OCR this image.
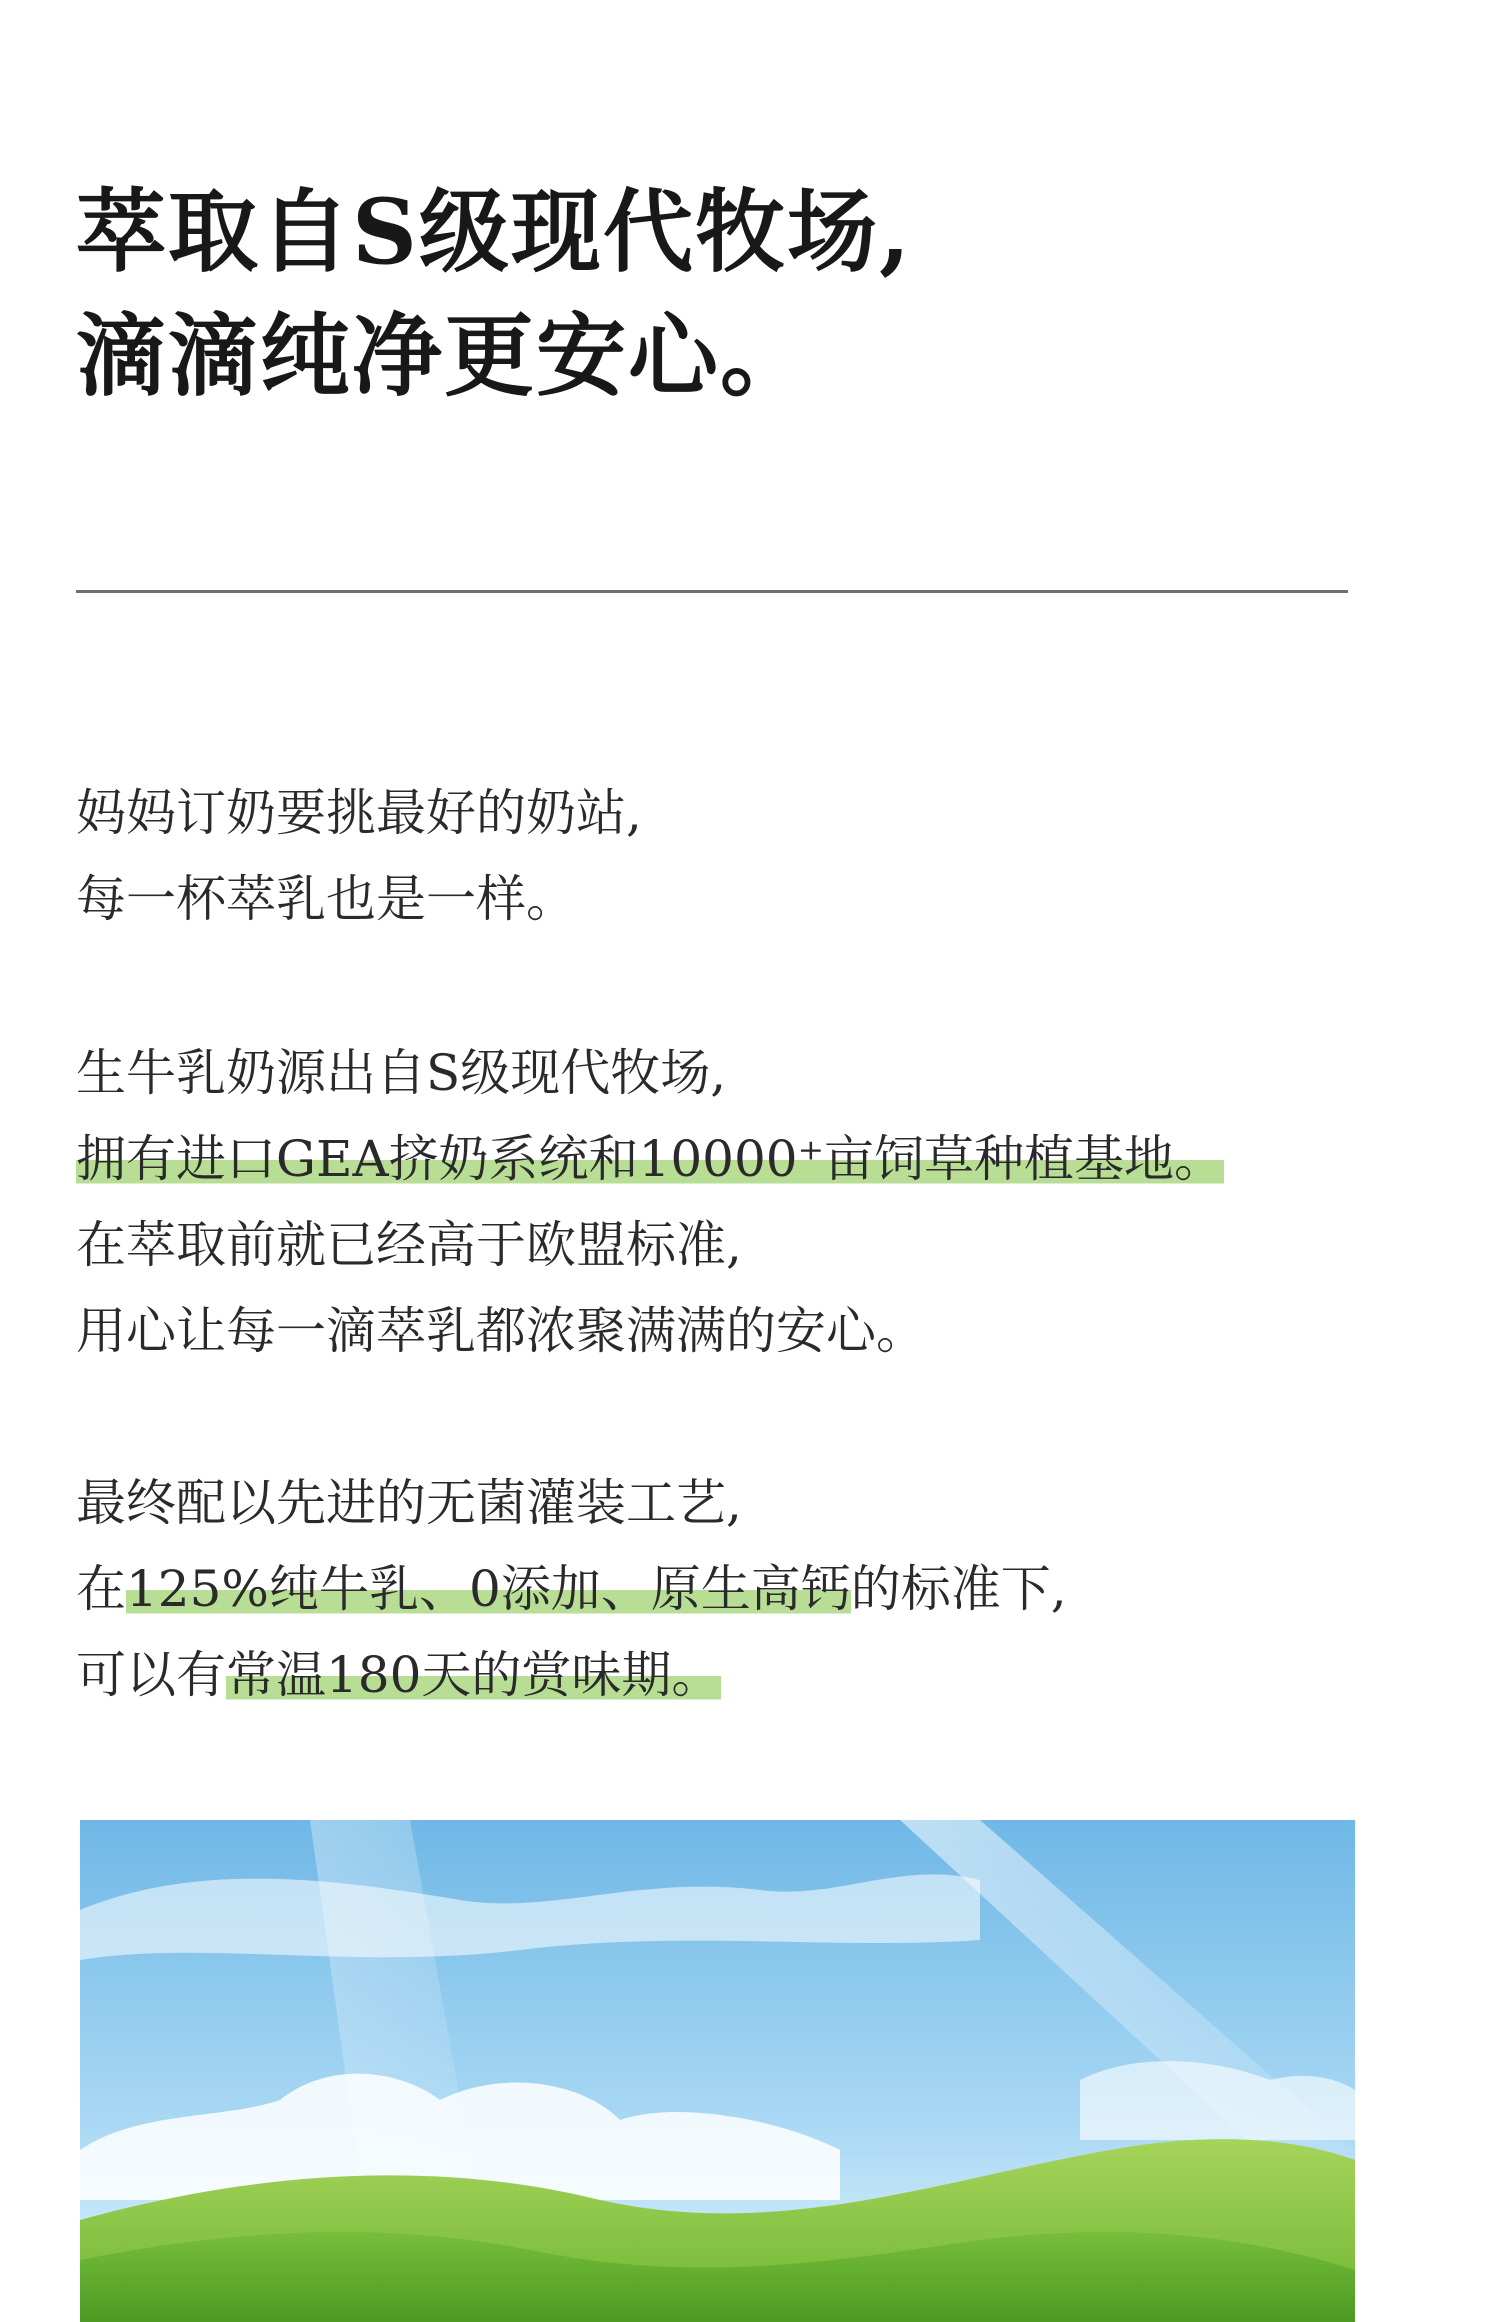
萃取自S级现代牧场,
滴滴纯净更安心。

妈妈订奶要挑最好的奶站,
每一杯萃乳也是一样。

生牛乳奶源出自S级现代牧场,
拥有进口GEA挤奶系统和10000⁺亩饲草种植基地。
在萃取前就已经高于欧盟标准,
用心让每一滴萃乳都浓聚满满的安心。

最终配以先进的无菌灌装工艺,
在125%纯牛乳、0添加、原生高钙的标准下,
可以有常温180天的赏味期。
